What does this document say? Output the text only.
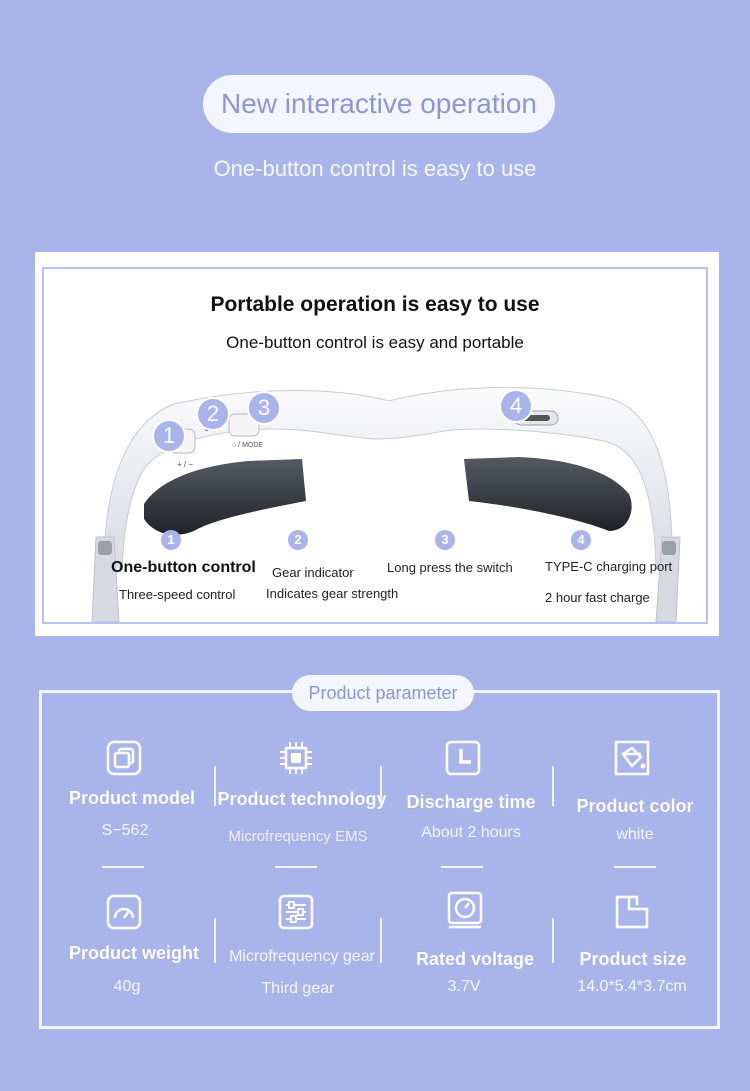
New interactive operation
One-button control is easy to use
Portable operation is easy to use
One-button control is easy and portable
+ / −
○ / MODE
1
2	3	4
1	2	3	4
One-button control
Three-speed control
Gear indicator
Indicates gear strength
Long press the switch TYPE-C charging port
2 hour fast charge
Product parameter
Product model
S−562
Product technology
Microfrequency EMS
Discharge time
About 2 hours
Product color
white
Product weight
40g
Microfrequency gear
Third gear
Rated voltage
3.7V
Product size
14.0*5.4*3.7cm
